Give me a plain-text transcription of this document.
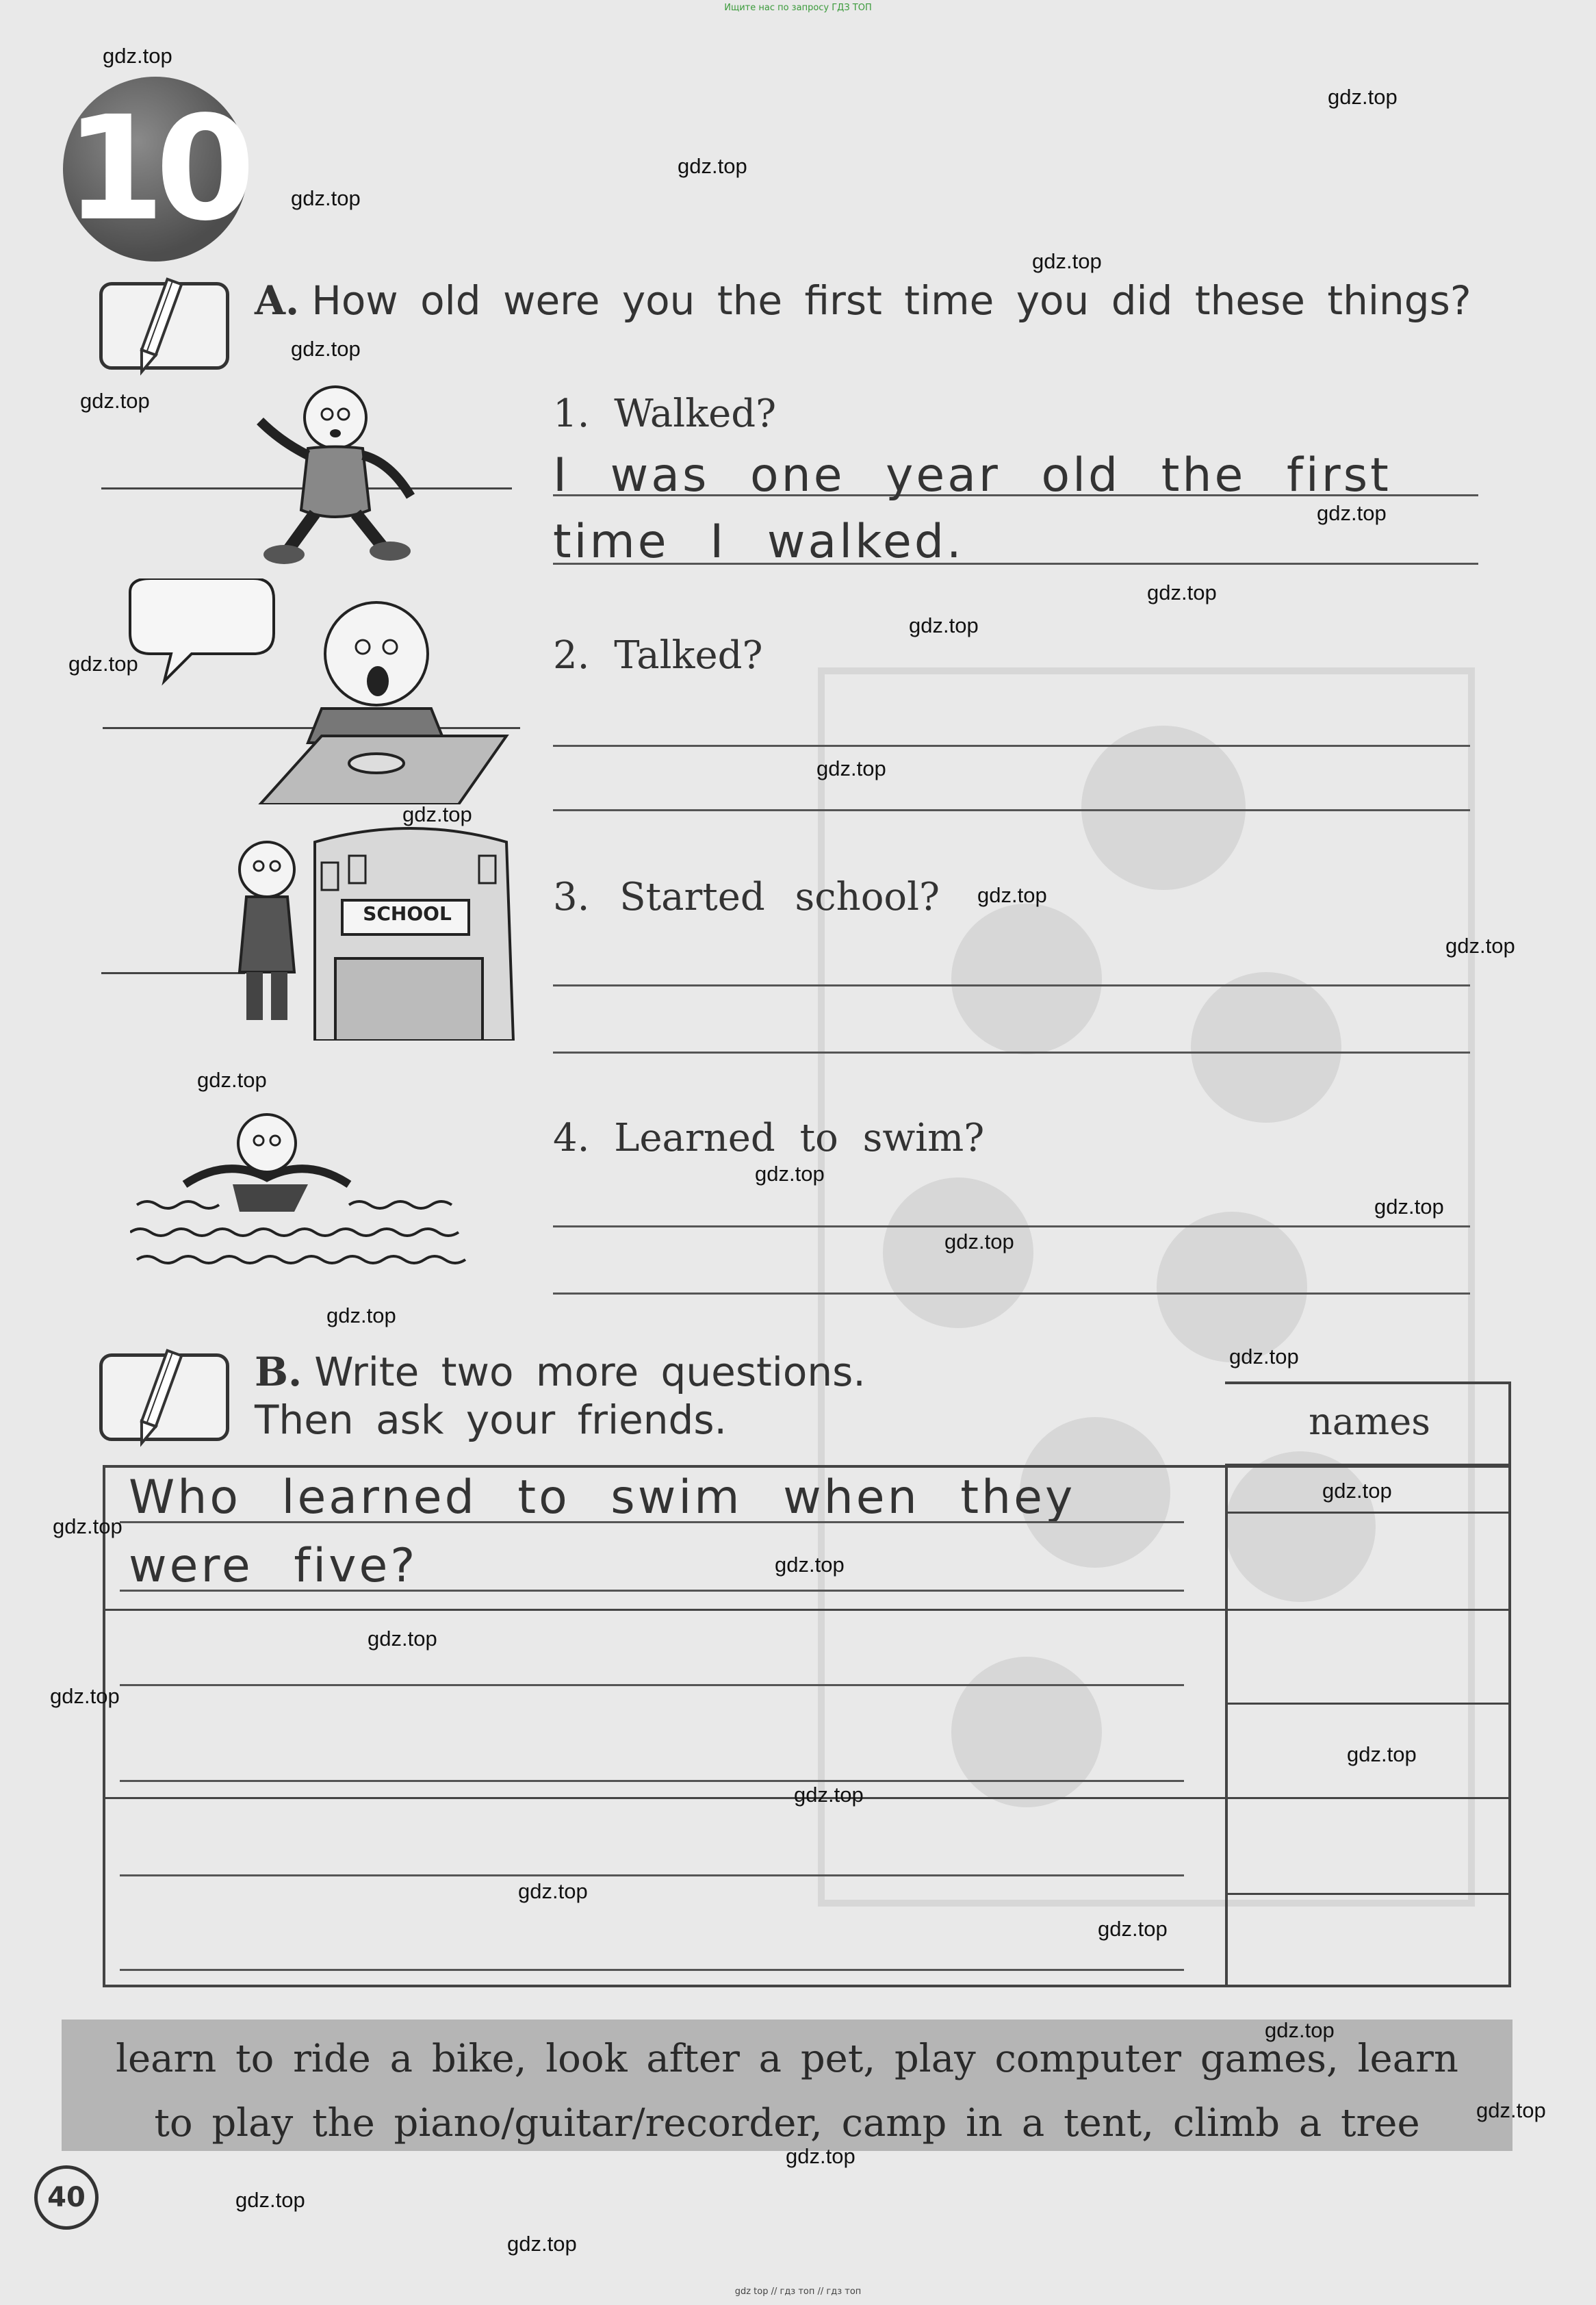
Ищите нас по запросу ГДЗ ТОП
10
A. How old were you the first time you did these things?
1. Walked?
I was one year old the first
time I walked.
2. Talked?
SCHOOL	3. Started school?
4. Learned to swim?
B. Write two more questions.
Then ask your friends.	names
Who learned to swim when they
were five?

learn to ride a bike, look after a pet, play computer games, learn

to play the piano/guitar/recorder, camp in a tent, climb a tree

40
gdz top // гдз топ // гдз топ
gdz.top
gdz.top
gdz.top
gdz.top
gdz.top
gdz.top
gdz.top
gdz.top
gdz.top
gdz.top
gdz.top
gdz.top
gdz.top
gdz.top
gdz.top
gdz.top
gdz.top
gdz.top
gdz.top
gdz.top
gdz.top
gdz.top
gdz.top
gdz.top
gdz.top
gdz.top
gdz.top
gdz.top
gdz.top
gdz.top
gdz.top
gdz.top
gdz.top
gdz.top
gdz.top
